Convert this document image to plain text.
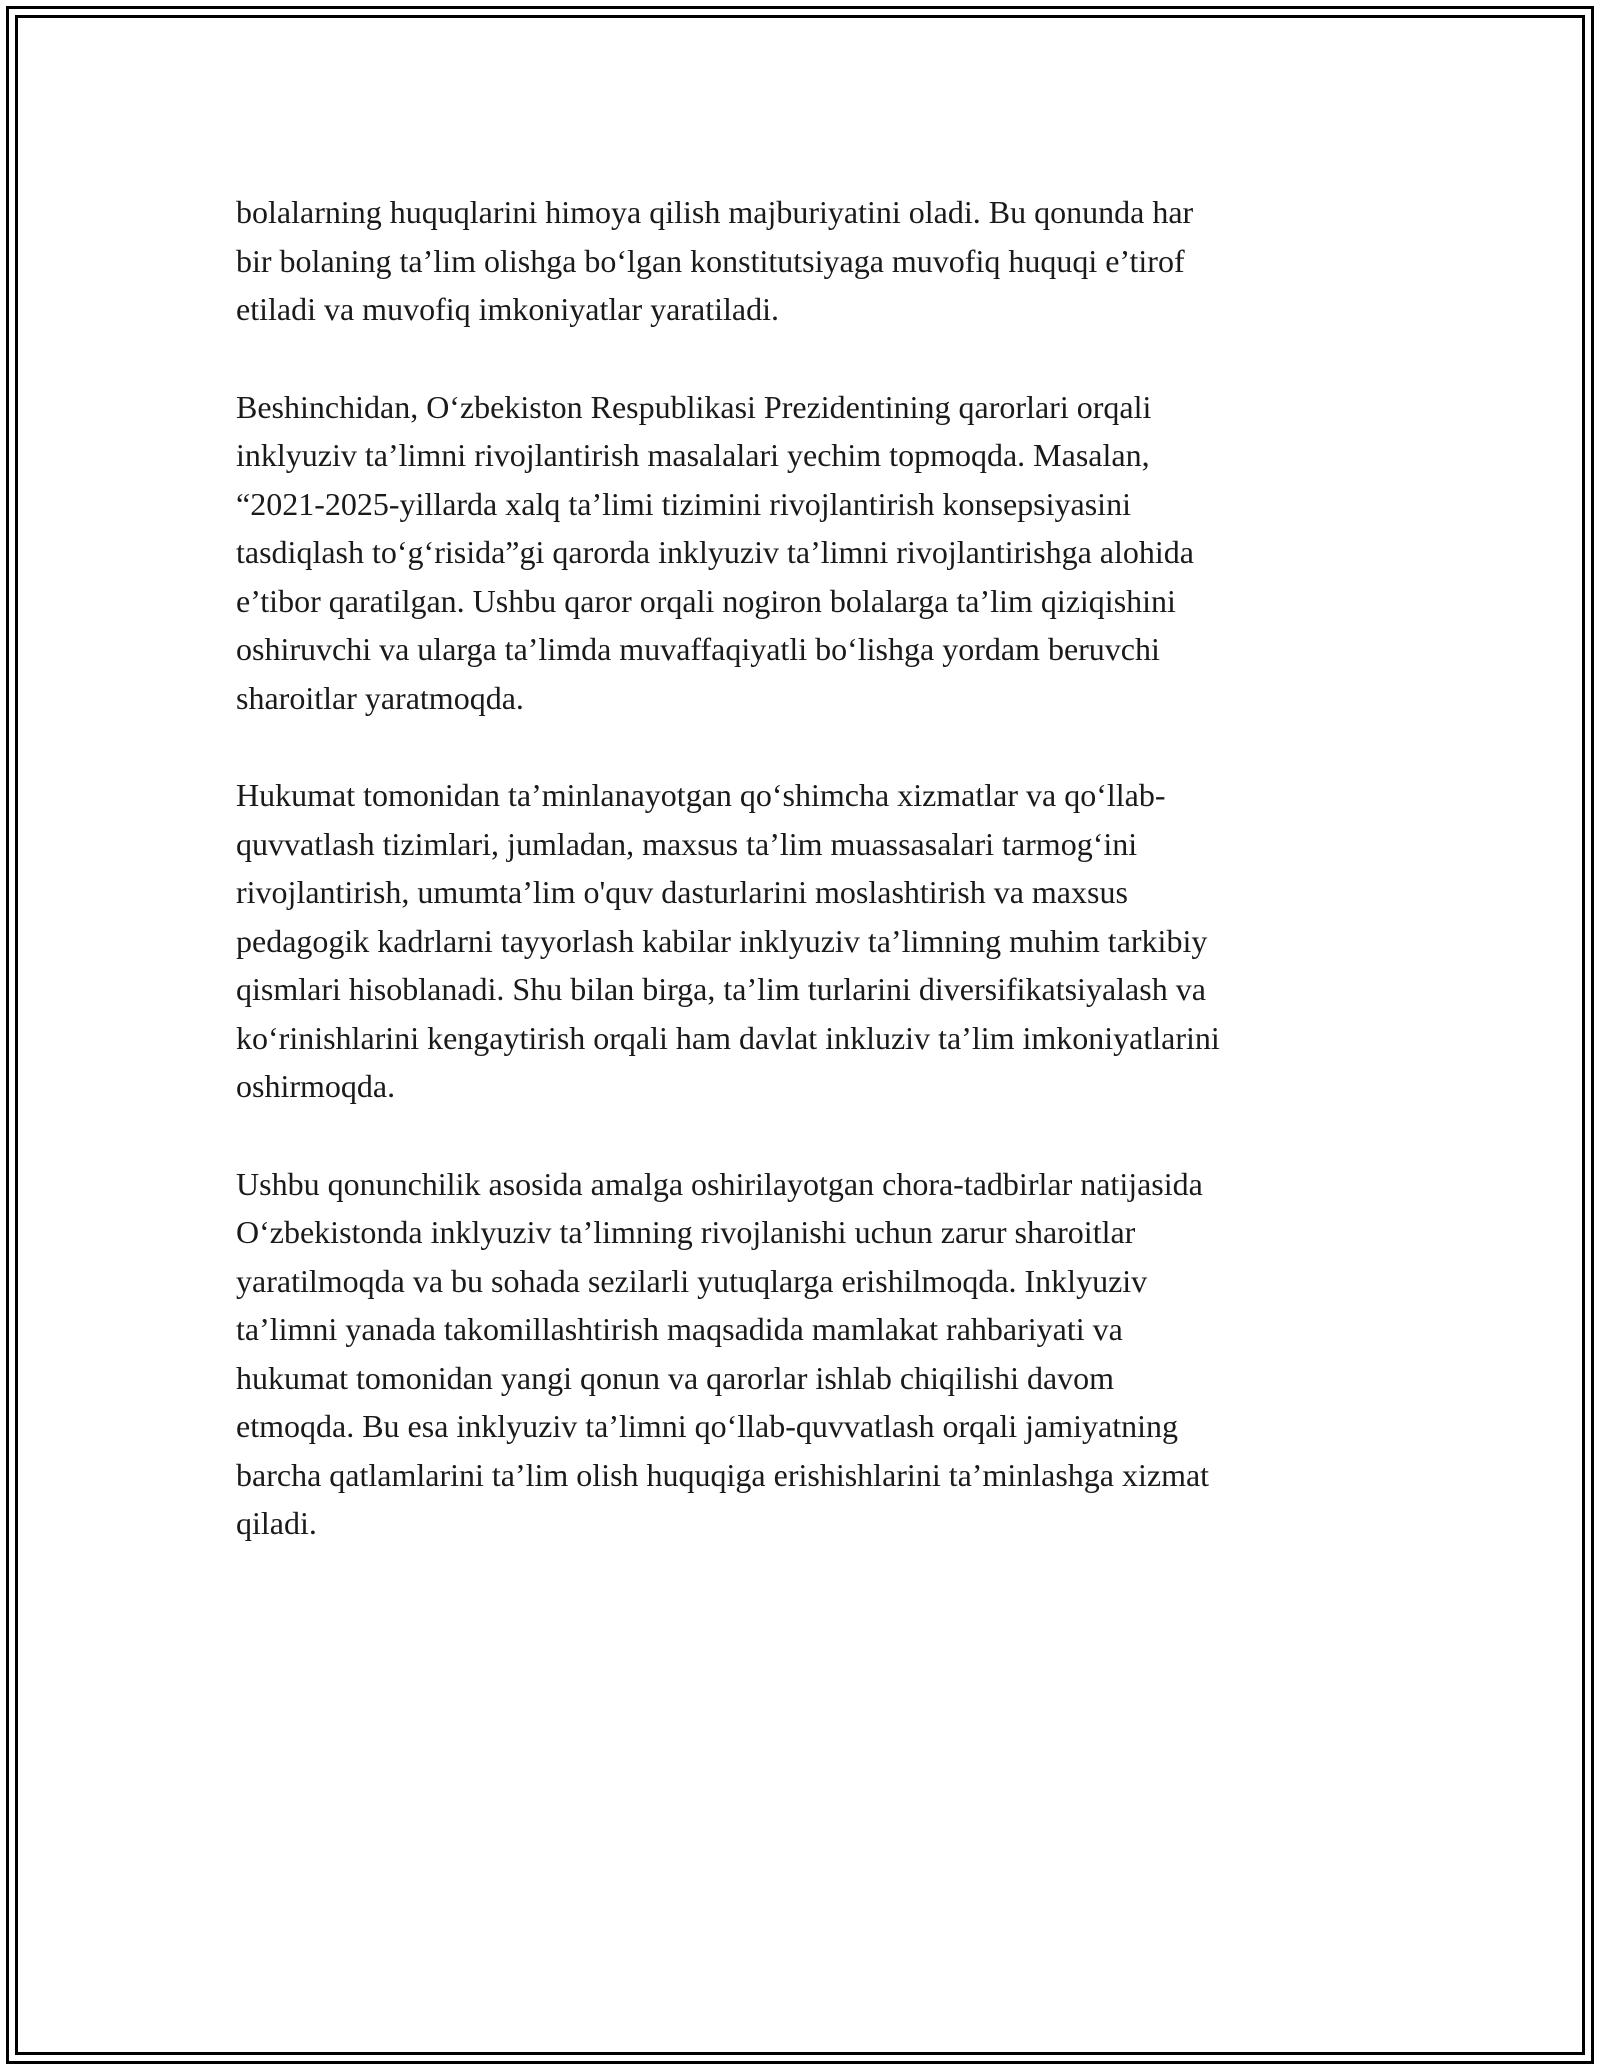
bolalarning huquqlarini himoya qilish majburiyatini oladi. Bu qonunda har
bir bolaning ta’lim olishga bo‘lgan konstitutsiyaga muvofiq huquqi e’tirof
etiladi va muvofiq imkoniyatlar yaratiladi.

Beshinchidan, O‘zbekiston Respublikasi Prezidentining qarorlari orqali
inklyuziv ta’limni rivojlantirish masalalari yechim topmoqda. Masalan,
“2021-2025-yillarda xalq ta’limi tizimini rivojlantirish konsepsiyasini
tasdiqlash to‘g‘risida”gi qarorda inklyuziv ta’limni rivojlantirishga alohida
e’tibor qaratilgan. Ushbu qaror orqali nogiron bolalarga ta’lim qiziqishini
oshiruvchi va ularga ta’limda muvaffaqiyatli bo‘lishga yordam beruvchi
sharoitlar yaratmoqda.

Hukumat tomonidan ta’minlanayotgan qo‘shimcha xizmatlar va qo‘llab-
quvvatlash tizimlari, jumladan, maxsus ta’lim muassasalari tarmog‘ini
rivojlantirish, umumta’lim o'quv dasturlarini moslashtirish va maxsus
pedagogik kadrlarni tayyorlash kabilar inklyuziv ta’limning muhim tarkibiy
qismlari hisoblanadi. Shu bilan birga, ta’lim turlarini diversifikatsiyalash va
ko‘rinishlarini kengaytirish orqali ham davlat inkluziv ta’lim imkoniyatlarini
oshirmoqda.

Ushbu qonunchilik asosida amalga oshirilayotgan chora-tadbirlar natijasida
O‘zbekistonda inklyuziv ta’limning rivojlanishi uchun zarur sharoitlar
yaratilmoqda va bu sohada sezilarli yutuqlarga erishilmoqda. Inklyuziv
ta’limni yanada takomillashtirish maqsadida mamlakat rahbariyati va
hukumat tomonidan yangi qonun va qarorlar ishlab chiqilishi davom
etmoqda. Bu esa inklyuziv ta’limni qo‘llab-quvvatlash orqali jamiyatning
barcha qatlamlarini ta’lim olish huquqiga erishishlarini ta’minlashga xizmat
qiladi.
